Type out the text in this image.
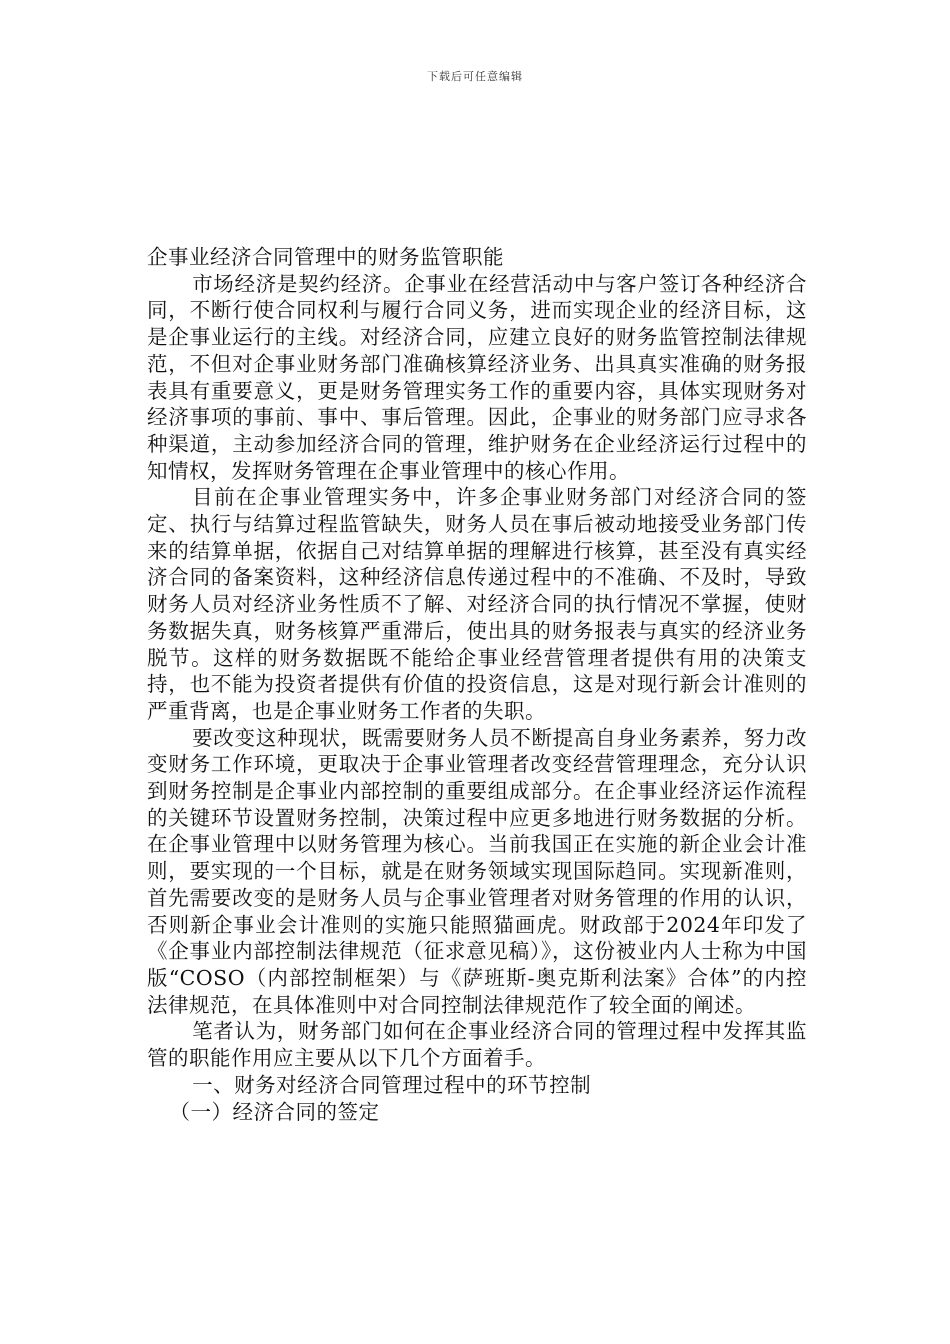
下载后可任意编辑

企事业经济合同管理中的财务监管职能

市场经济是契约经济。企事业在经营活动中与客户签订各种经济合同，不断行使合同权利与履行合同义务，进而实现企业的经济目标，这是企事业运行的主线。对经济合同，应建立良好的财务监管控制法律规范，不但对企事业财务部门准确核算经济业务、出具真实准确的财务报表具有重要意义，更是财务管理实务工作的重要内容，具体实现财务对经济事项的事前、事中、事后管理。因此，企事业的财务部门应寻求各种渠道，主动参加经济合同的管理，维护财务在企业经济运行过程中的知情权，发挥财务管理在企事业管理中的核心作用。

目前在企事业管理实务中，许多企事业财务部门对经济合同的签定、执行与结算过程监管缺失，财务人员在事后被动地接受业务部门传来的结算单据，依据自己对结算单据的理解进行核算，甚至没有真实经济合同的备案资料，这种经济信息传递过程中的不准确、不及时，导致财务人员对经济业务性质不了解、对经济合同的执行情况不掌握，使财务数据失真，财务核算严重滞后，使出具的财务报表与真实的经济业务脱节。这样的财务数据既不能给企事业经营管理者提供有用的决策支持，也不能为投资者提供有价值的投资信息，这是对现行新会计准则的严重背离，也是企事业财务工作者的失职。

要改变这种现状，既需要财务人员不断提高自身业务素养，努力改变财务工作环境，更取决于企事业管理者改变经营管理理念，充分认识到财务控制是企事业内部控制的重要组成部分。在企事业经济运作流程的关键环节设置财务控制，决策过程中应更多地进行财务数据的分析。在企事业管理中以财务管理为核心。当前我国正在实施的新企业会计准则，要实现的一个目标，就是在财务领域实现国际趋同。实现新准则，首先需要改变的是财务人员与企事业管理者对财务管理的作用的认识，否则新企事业会计准则的实施只能照猫画虎。财政部于2024年印发了《企事业内部控制法律规范（征求意见稿）》，这份被业内人士称为中国版“COSO（内部控制框架）与《萨班斯-奥克斯利法案》合体”的内控法律规范，在具体准则中对合同控制法律规范作了较全面的阐述。

笔者认为，财务部门如何在企事业经济合同的管理过程中发挥其监管的职能作用应主要从以下几个方面着手。

一、财务对经济合同管理过程中的环节控制

（一）经济合同的签定
